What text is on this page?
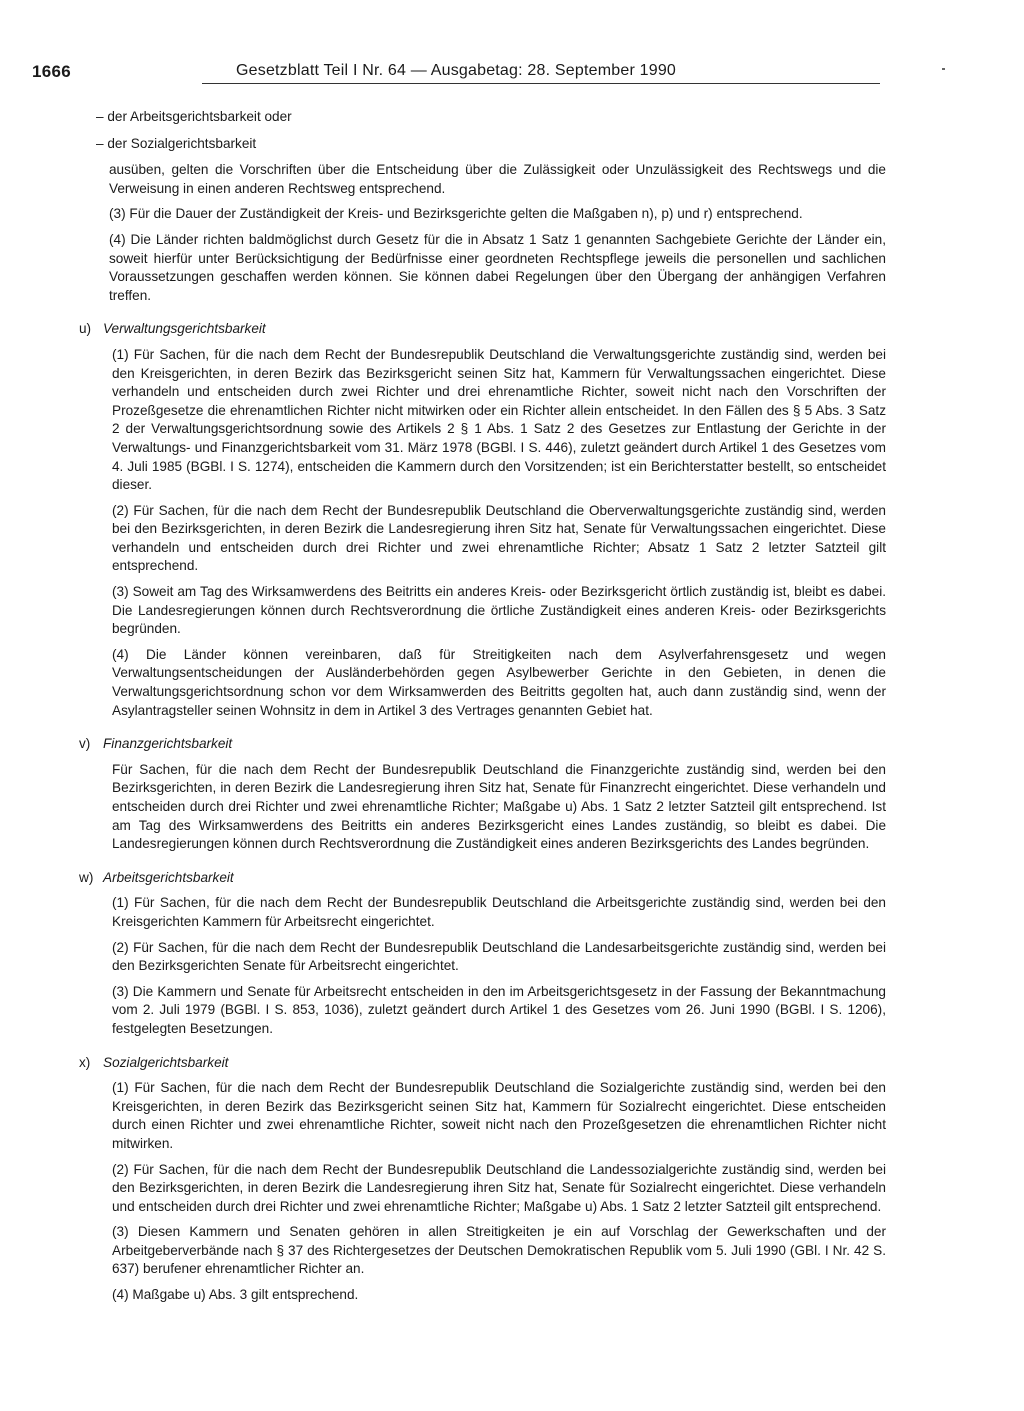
1666	Gesetzblatt Teil I Nr. 64 — Ausgabetag: 28. September 1990

– der Arbeitsgerichtsbarkeit oder

– der Sozialgerichtsbarkeit

ausüben, gelten die Vorschriften über die Entscheidung über die Zulässigkeit oder Unzulässigkeit des Rechtswegs und die Verweisung in einen anderen Rechtsweg entsprechend.

(3) Für die Dauer der Zuständigkeit der Kreis- und Bezirksgerichte gelten die Maßgaben n), p) und r) entsprechend.

(4) Die Länder richten baldmöglichst durch Gesetz für die in Absatz 1 Satz 1 genannten Sachgebiete Gerichte der Länder ein, soweit hierfür unter Berücksichtigung der Bedürfnisse einer geordneten Rechtspflege jeweils die personellen und sachlichen Voraussetzungen geschaffen werden können. Sie können dabei Regelungen über den Übergang der anhängigen Verfahren treffen.

u) Verwaltungsgerichtsbarkeit

(1) Für Sachen, für die nach dem Recht der Bundesrepublik Deutschland die Verwaltungsgerichte zuständig sind, werden bei den Kreisgerichten, in deren Bezirk das Bezirksgericht seinen Sitz hat, Kammern für Verwaltungssachen eingerichtet. Diese verhandeln und entscheiden durch zwei Richter und drei ehrenamtliche Richter, soweit nicht nach den Vorschriften der Prozeßgesetze die ehrenamtlichen Richter nicht mitwirken oder ein Richter allein entscheidet. In den Fällen des § 5 Abs. 3 Satz 2 der Verwaltungsgerichtsordnung sowie des Artikels 2 § 1 Abs. 1 Satz 2 des Gesetzes zur Entlastung der Gerichte in der Verwaltungs- und Finanzgerichtsbarkeit vom 31. März 1978 (BGBl. I S. 446), zuletzt geändert durch Artikel 1 des Gesetzes vom 4. Juli 1985 (BGBl. I S. 1274), entscheiden die Kammern durch den Vorsitzenden; ist ein Berichterstatter bestellt, so entscheidet dieser.

(2) Für Sachen, für die nach dem Recht der Bundesrepublik Deutschland die Oberverwaltungsgerichte zuständig sind, werden bei den Bezirksgerichten, in deren Bezirk die Landesregierung ihren Sitz hat, Senate für Verwaltungssachen eingerichtet. Diese verhandeln und entscheiden durch drei Richter und zwei ehrenamtliche Richter; Absatz 1 Satz 2 letzter Satzteil gilt entsprechend.

(3) Soweit am Tag des Wirksamwerdens des Beitritts ein anderes Kreis- oder Bezirksgericht örtlich zuständig ist, bleibt es dabei. Die Landesregierungen können durch Rechtsverordnung die örtliche Zuständigkeit eines anderen Kreis- oder Bezirksgerichts begründen.

(4) Die Länder können vereinbaren, daß für Streitigkeiten nach dem Asylverfahrensgesetz und wegen Verwaltungsentscheidungen der Ausländerbehörden gegen Asylbewerber Gerichte in den Gebieten, in denen die Verwaltungsgerichtsordnung schon vor dem Wirksamwerden des Beitritts gegolten hat, auch dann zuständig sind, wenn der Asylantragsteller seinen Wohnsitz in dem in Artikel 3 des Vertrages genannten Gebiet hat.

v) Finanzgerichtsbarkeit

Für Sachen, für die nach dem Recht der Bundesrepublik Deutschland die Finanzgerichte zuständig sind, werden bei den Bezirksgerichten, in deren Bezirk die Landesregierung ihren Sitz hat, Senate für Finanzrecht eingerichtet. Diese verhandeln und entscheiden durch drei Richter und zwei ehrenamtliche Richter; Maßgabe u) Abs. 1 Satz 2 letzter Satzteil gilt entsprechend. Ist am Tag des Wirksamwerdens des Beitritts ein anderes Bezirksgericht eines Landes zuständig, so bleibt es dabei. Die Landesregierungen können durch Rechtsverordnung die Zuständigkeit eines anderen Bezirksgerichts des Landes begründen.

w) Arbeitsgerichtsbarkeit

(1) Für Sachen, für die nach dem Recht der Bundesrepublik Deutschland die Arbeitsgerichte zuständig sind, werden bei den Kreisgerichten Kammern für Arbeitsrecht eingerichtet.

(2) Für Sachen, für die nach dem Recht der Bundesrepublik Deutschland die Landesarbeitsgerichte zuständig sind, werden bei den Bezirksgerichten Senate für Arbeitsrecht eingerichtet.

(3) Die Kammern und Senate für Arbeitsrecht entscheiden in den im Arbeitsgerichtsgesetz in der Fassung der Bekanntmachung vom 2. Juli 1979 (BGBl. I S. 853, 1036), zuletzt geändert durch Artikel 1 des Gesetzes vom 26. Juni 1990 (BGBl. I S. 1206), festgelegten Besetzungen.

x) Sozialgerichtsbarkeit

(1) Für Sachen, für die nach dem Recht der Bundesrepublik Deutschland die Sozialgerichte zuständig sind, werden bei den Kreisgerichten, in deren Bezirk das Bezirksgericht seinen Sitz hat, Kammern für Sozialrecht eingerichtet. Diese entscheiden durch einen Richter und zwei ehrenamtliche Richter, soweit nicht nach den Prozeßgesetzen die ehrenamtlichen Richter nicht mitwirken.

(2) Für Sachen, für die nach dem Recht der Bundesrepublik Deutschland die Landessozialgerichte zuständig sind, werden bei den Bezirksgerichten, in deren Bezirk die Landesregierung ihren Sitz hat, Senate für Sozialrecht eingerichtet. Diese verhandeln und entscheiden durch drei Richter und zwei ehrenamtliche Richter; Maßgabe u) Abs. 1 Satz 2 letzter Satzteil gilt entsprechend.

(3) Diesen Kammern und Senaten gehören in allen Streitigkeiten je ein auf Vorschlag der Gewerkschaften und der Arbeitgeberverbände nach § 37 des Richtergesetzes der Deutschen Demokratischen Republik vom 5. Juli 1990 (GBl. I Nr. 42 S. 637) berufener ehrenamtlicher Richter an.

(4) Maßgabe u) Abs. 3 gilt entsprechend.
